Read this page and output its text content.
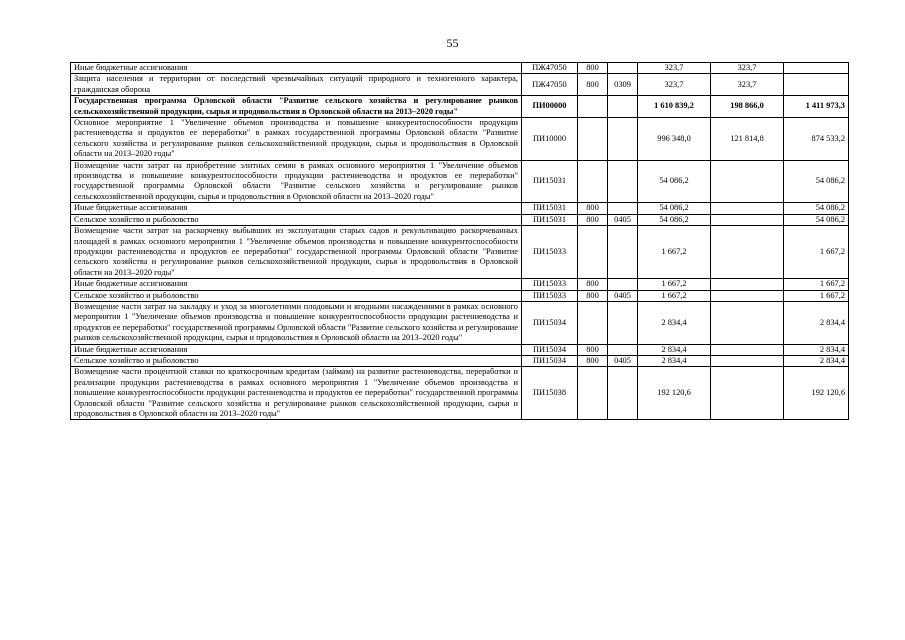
55
Иные бюджетные ассигнования	ПЖ47050	800		323,7	323,7	
Защита населения и территории от последствий чрезвычайных ситуаций природного и техногенного характера, гражданская оборона	ПЖ47050	800	0309	323,7	323,7	
Государственная программа Орловской области "Развитие сельского хозяйства и регулирование рынков сельскохозяйственной продукции, сырья и продовольствия в Орловской области на 2013–2020 годы"	ПИ00000			1 610 839,2	198 866,0	1 411 973,3
Основное мероприятие 1 "Увеличение объемов производства и повышение конкурентоспособности продукции растениеводства и продуктов ее переработки" в рамках государственной программы Орловской области "Развитие сельского хозяйства и регулирование рынков сельскохозяйственной продукции, сырья и продовольствия в Орловской области на 2013–2020 годы"	ПИ10000			996 348,0	121 814,8	874 533,2
Возмещение части затрат на приобретение элитных семян в рамках основного мероприятия 1 "Увеличение объемов производства и повышение конкурентоспособности продукции растениеводства и продуктов ее переработки" государственной программы Орловской области "Развитие сельского хозяйства и регулирование рынков сельскохозяйственной продукции, сырья и продовольствия в Орловской области на 2013–2020 годы"	ПИ15031			54 086,2		54 086,2
Иные бюджетные ассигнования	ПИ15031	800		54 086,2		54 086,2
Сельское хозяйство и рыболовство	ПИ15031	800	0405	54 086,2		54 086,2
Возмещение части затрат на раскорчевку выбывших из эксплуатации старых садов и рекультивацию раскорчеванных площадей в рамках основного мероприятия 1 "Увеличение объемов производства и повышение конкурентоспособности продукции растениеводства и продуктов ее переработки" государственной программы Орловской области "Развитие сельского хозяйства и регулирование рынков сельскохозяйственной продукции, сырья и продовольствия в Орловской области на 2013–2020 годы"	ПИ15033			1 667,2		1 667,2
Иные бюджетные ассигнования	ПИ15033	800		1 667,2		1 667,2
Сельское хозяйство и рыболовство	ПИ15033	800	0405	1 667,2		1 667,2
Возмещение части затрат на закладку и уход за многолетними плодовыми и ягодными насаждениями в рамках основного мероприятия 1 "Увеличение объемов производства и повышение конкурентоспособности продукции растениеводства и продуктов ее переработки" государственной программы Орловской области "Развитие сельского хозяйства и регулирование рынков сельскохозяйственной продукции, сырья и продовольствия в Орловской области на 2013–2020 годы"	ПИ15034			2 834,4		2 834,4
Иные бюджетные ассигнования	ПИ15034	800		2 834,4		2 834,4
Сельское хозяйство и рыболовство	ПИ15034	800	0405	2 834,4		2 834,4
Возмещение части процентной ставки по краткосрочным кредитам (займам) на развитие растениеводства, переработки и реализации продукции растениеводства в рамках основного мероприятия 1 "Увеличение объемов производства и повышение конкурентоспособности продукции растениеводства и продуктов ее переработки" государственной программы Орловской области "Развитие сельского хозяйства и регулирование рынков сельскохозяйственной продукции, сырья и продовольствия в Орловской области на 2013–2020 годы"	ПИ15038			192 120,6		192 120,6
